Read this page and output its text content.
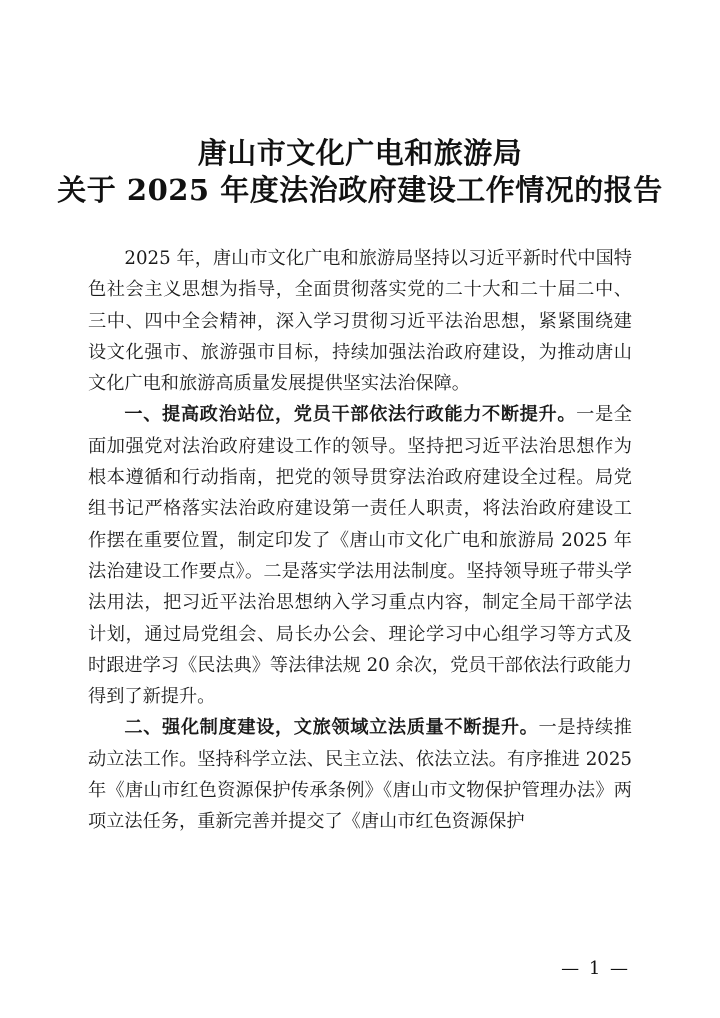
唐山市文化广电和旅游局
关于 2025 年度法治政府建设工作情况的报告

2025 年，唐山市文化广电和旅游局坚持以习近平新时代中国特色社会主义思想为指导，全面贯彻落实党的二十大和二十届二中、三中、四中全会精神，深入学习贯彻习近平法治思想，紧紧围绕建设文化强市、旅游强市目标，持续加强法治政府建设，为推动唐山文化广电和旅游高质量发展提供坚实法治保障。

一、提高政治站位，党员干部依法行政能力不断提升。一是全面加强党对法治政府建设工作的领导。坚持把习近平法治思想作为根本遵循和行动指南，把党的领导贯穿法治政府建设全过程。局党组书记严格落实法治政府建设第一责任人职责，将法治政府建设工作摆在重要位置，制定印发了《唐山市文化广电和旅游局 2025 年法治建设工作要点》。二是落实学法用法制度。坚持领导班子带头学法用法，把习近平法治思想纳入学习重点内容，制定全局干部学法计划，通过局党组会、局长办公会、理论学习中心组学习等方式及时跟进学习《民法典》等法律法规 20 余次，党员干部依法行政能力得到了新提升。

二、强化制度建设，文旅领域立法质量不断提升。一是持续推动立法工作。坚持科学立法、民主立法、依法立法。有序推进 2025 年《唐山市红色资源保护传承条例》《唐山市文物保护管理办法》两项立法任务，重新完善并提交了《唐山市红色资源保护

— 1 —
